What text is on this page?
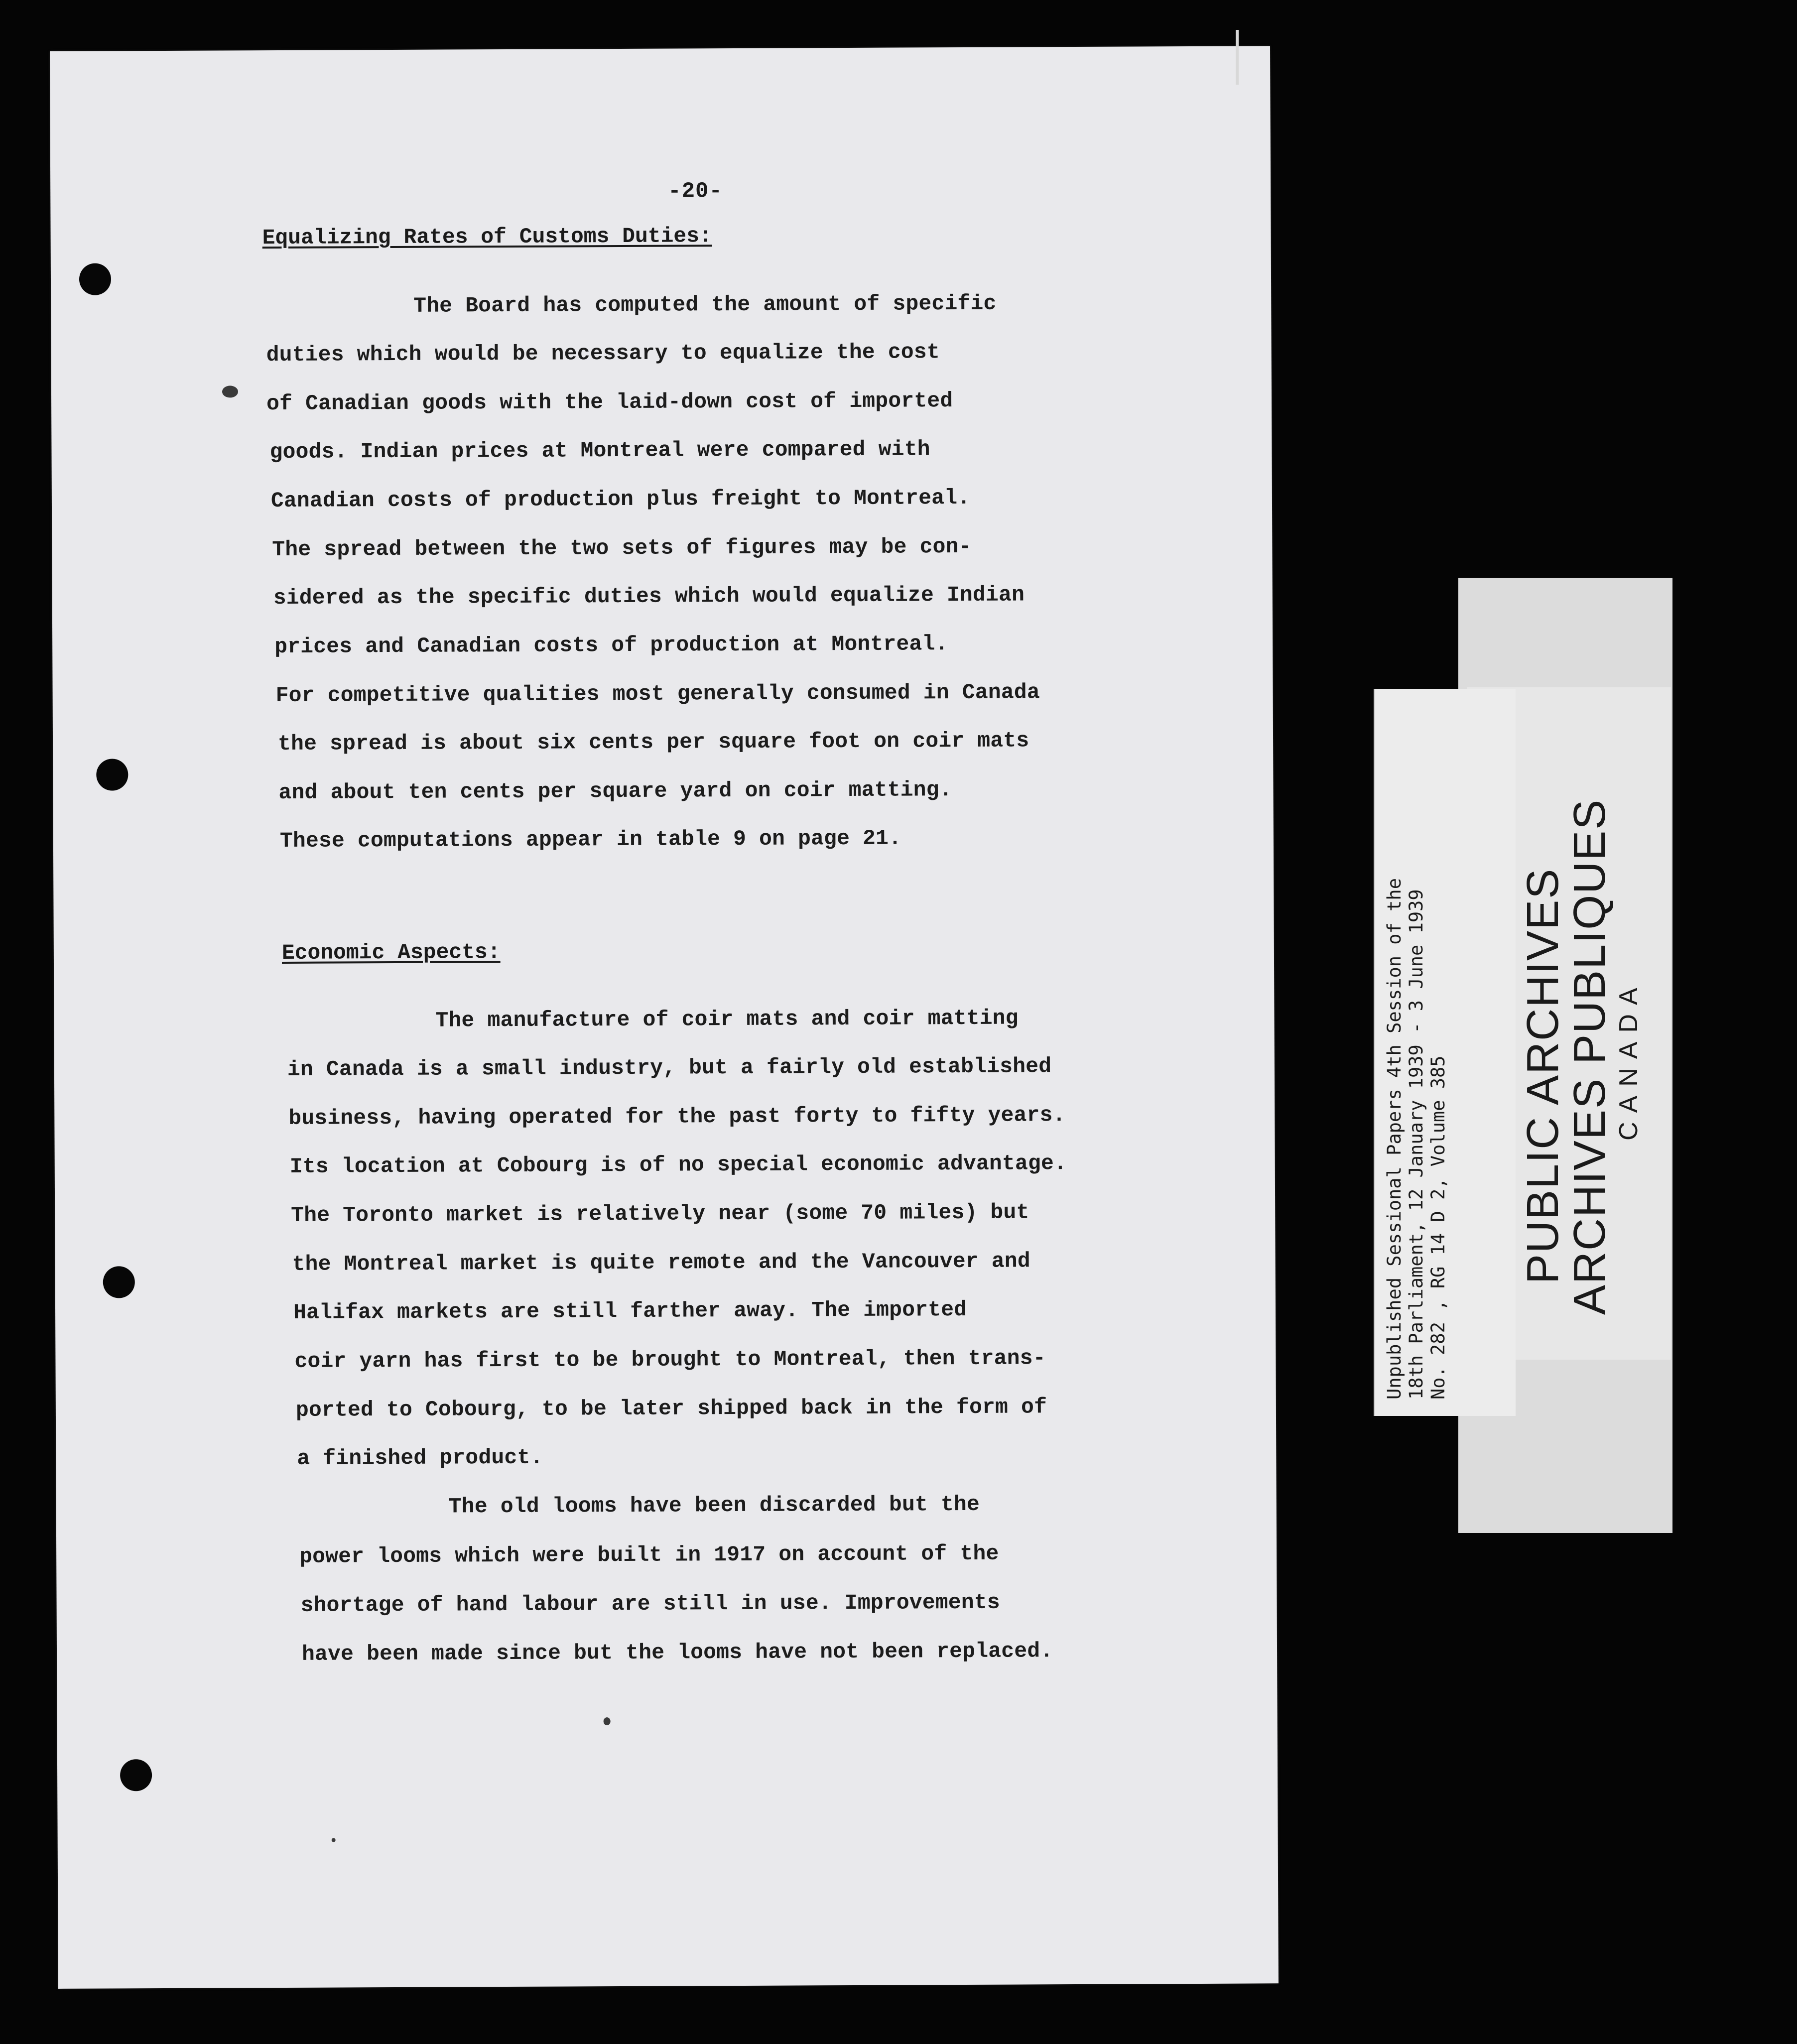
-20-
Equalizing Rates of Customs Duties:
The Board has computed the amount of specific
duties which would be necessary to equalize the cost
of Canadian goods with the laid-down cost of imported
goods. Indian prices at Montreal were compared with
Canadian costs of production plus freight to Montreal.
The spread between the two sets of figures may be con-
sidered as the specific duties which would equalize Indian
prices and Canadian costs of production at Montreal.
For competitive qualities most generally consumed in Canada
the spread is about six cents per square foot on coir mats
and about ten cents per square yard on coir matting.
These computations appear in table 9 on page 21.
Economic Aspects:
The manufacture of coir mats and coir matting
in Canada is a small industry, but a fairly old established
business, having operated for the past forty to fifty years.
Its location at Cobourg is of no special economic advantage.
The Toronto market is relatively near (some 70 miles) but
the Montreal market is quite remote and the Vancouver and
Halifax markets are still farther away. The imported
coir yarn has first to be brought to Montreal, then trans-
ported to Cobourg, to be later shipped back in the form of
a finished product.
The old looms have been discarded but the
power looms which were built in 1917 on account of the
shortage of hand labour are still in use. Improvements
have been made since but the looms have not been replaced.
PUBLIC ARCHIVES
ARCHIVES PUBLIQUES CANADA
Unpublished Sessional Papers 4th Session of the 18th Parliament, 12 January 1939 - 3 June 1939 No. 282 , RG 14 D 2, Volume 385
